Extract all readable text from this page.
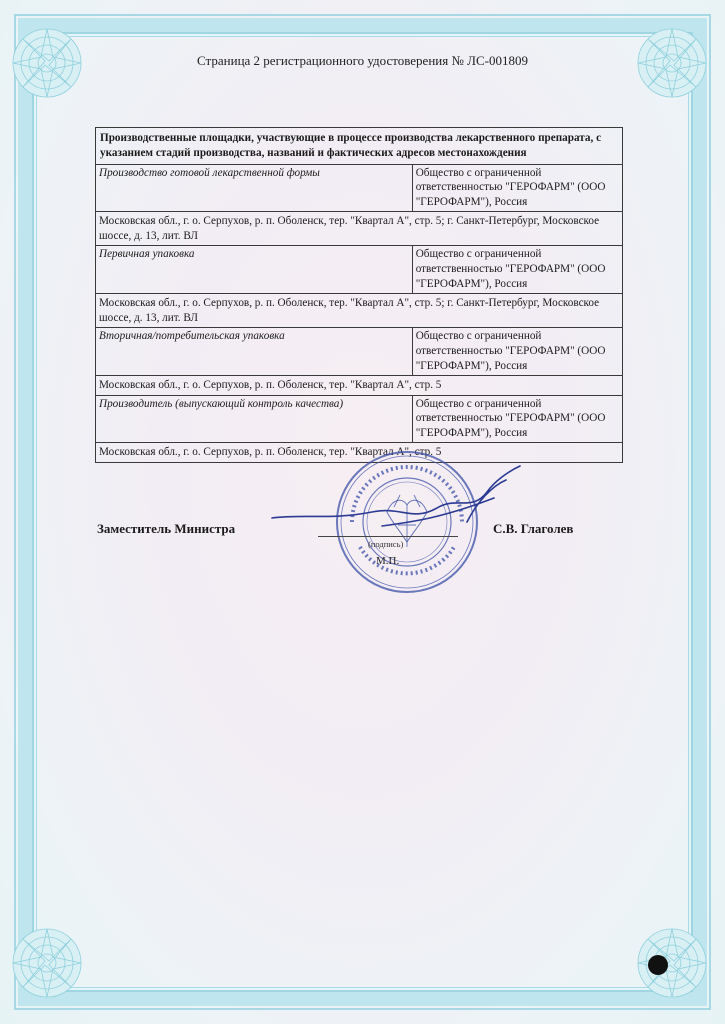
Страница 2 регистрационного удостоверения № ЛС-001809
Производственные площадки, участвующие в процессе производства лекарственного препарата, с указанием стадий производства, названий и фактических адресов местонахождения	
Производство готовой лекарственной формы	Общество с ограниченной ответственностью "ГЕРОФАРМ" (ООО "ГЕРОФАРМ"), Россия
Московская обл., г. о. Серпухов, р. п. Оболенск, тер. "Квартал А", стр. 5; г. Санкт-Петербург, Московское шоссе, д. 13, лит. ВЛ	
Первичная упаковка	Общество с ограниченной ответственностью "ГЕРОФАРМ" (ООО "ГЕРОФАРМ"), Россия
Московская обл., г. о. Серпухов, р. п. Оболенск, тер. "Квартал А", стр. 5; г. Санкт-Петербург, Московское шоссе, д. 13, лит. ВЛ	
Вторичная/потребительская упаковка	Общество с ограниченной ответственностью "ГЕРОФАРМ" (ООО "ГЕРОФАРМ"), Россия
Московская обл., г. о. Серпухов, р. п. Оболенск, тер. "Квартал А", стр. 5	
Производитель (выпускающий контроль качества)	Общество с ограниченной ответственностью "ГЕРОФАРМ" (ООО "ГЕРОФАРМ"), Россия
Московская обл., г. о. Серпухов, р. п. Оболенск, тер. "Квартал А", стр. 5	
Заместитель Министра
(подпись)
С.В. Глаголев
М.П.
